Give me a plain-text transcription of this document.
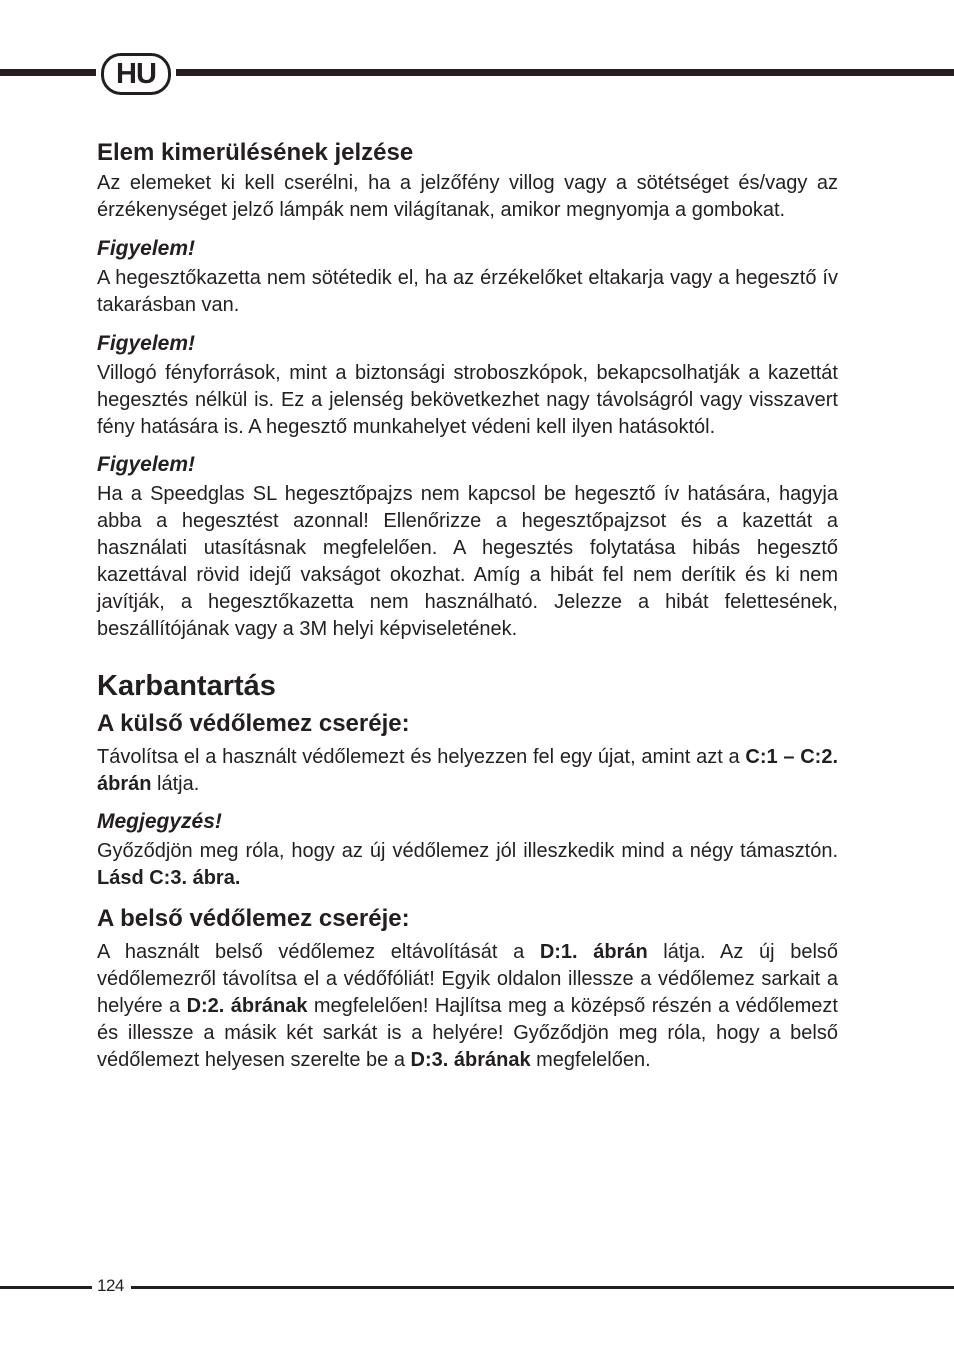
HU
Elem kimerülésének jelzése

Az elemeket ki kell cserélni, ha a jelzőfény villog vagy a sötétséget és/vagy az érzékenységet jelző lámpák nem világítanak, amikor megnyomja a gombokat.

Figyelem!

A hegesztőkazetta nem sötétedik el, ha az érzékelőket eltakarja vagy a hegesztő ív takarásban van.

Figyelem!

Villogó fényforrások, mint a biztonsági stroboszkópok, bekapcsolhatják a kazettát hegesztés nélkül is. Ez a jelenség bekövetkezhet nagy távolságról vagy visszavert fény hatására is. A hegesztő munkahelyet védeni kell ilyen hatásoktól.

Figyelem!

Ha a Speedglas SL hegesztőpajzs nem kapcsol be hegesztő ív hatására, hagyja abba a hegesztést azonnal! Ellenőrizze a hegesztőpajzsot és a kazettát a használati utasításnak megfelelően. A hegesztés folytatása hibás hegesztő kazettával rövid idejű vakságot okozhat. Amíg a hibát fel nem derítik és ki nem javítják, a hegesztőkazetta nem használható. Jelezze a hibát felettesének, beszállítójának vagy a 3M helyi képviseletének.

Karbantartás
A külső védőlemez cseréje:

Távolítsa el a használt védőlemezt és helyezzen fel egy újat, amint azt a C:1 – C:2. ábrán látja.

Megjegyzés!

Győződjön meg róla, hogy az új védőlemez jól illeszkedik mind a négy támasztón. Lásd C:3. ábra.

A belső védőlemez cseréje:

A használt belső védőlemez eltávolítását a D:1. ábrán látja. Az új belső védőlemezről távolítsa el a védőfóliát! Egyik oldalon illessze a védőlemez sarkait a helyére a D:2. ábrának megfelelően! Hajlítsa meg a középső részén a védőlemezt és illessze a másik két sarkát is a helyére! Győződjön meg róla, hogy a belső védőlemezt helyesen szerelte be a D:3. ábrának megfelelően.

124
